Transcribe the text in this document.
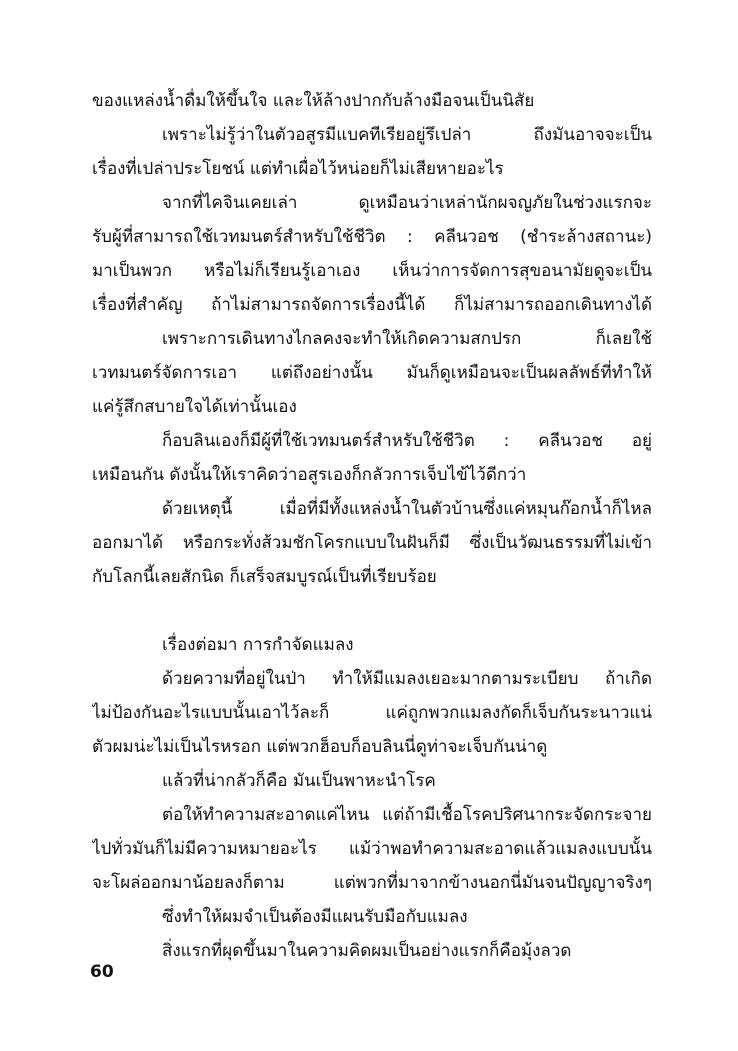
ของแหล่งน้ำดื่มให้ขึ้นใจ และให้ล้างปากกับล้างมือจนเป็นนิสัย
เพราะไม่รู้ว่าในตัวอสูรมีแบคทีเรียอยู่รึเปล่า ถึงมันอาจจะเป็น
เรื่องที่เปล่าประโยชน์ แต่ทำเผื่อไว้หน่อยก็ไม่เสียหายอะไร
จากที่ไคจินเคยเล่า ดูเหมือนว่าเหล่านักผจญภัยในช่วงแรกจะ
รับผู้ที่สามารถใช้เวทมนตร์สำหรับใช้ชีวิต : คลีนวอช (ชำระล้างสถานะ)
มาเป็นพวก หรือไม่ก็เรียนรู้เอาเอง เห็นว่าการจัดการสุขอนามัยดูจะเป็น
เรื่องที่สำคัญ ถ้าไม่สามารถจัดการเรื่องนี้ได้ ก็ไม่สามารถออกเดินทางได้
เพราะการเดินทางไกลคงจะทำให้เกิดความสกปรก ก็เลยใช้
เวทมนตร์จัดการเอา แต่ถึงอย่างนั้น มันก็ดูเหมือนจะเป็นผลลัพธ์ที่ทำให้
แค่รู้สึกสบายใจได้เท่านั้นเอง
ก็อบลินเองก็มีผู้ที่ใช้เวทมนตร์สำหรับใช้ชีวิต : คลีนวอช อยู่
เหมือนกัน ดังนั้นให้เราคิดว่าอสูรเองก็กลัวการเจ็บไข้ไว้ดีกว่า
ด้วยเหตุนี้ เมื่อที่มีทั้งแหล่งน้ำในตัวบ้านซึ่งแค่หมุนก๊อกน้ำก็ไหล
ออกมาได้ หรือกระทั่งส้วมชักโครกแบบในฝันก็มี ซึ่งเป็นวัฒนธรรมที่ไม่เข้า
กับโลกนี้เลยสักนิด ก็เสร็จสมบูรณ์เป็นที่เรียบร้อย
เรื่องต่อมา การกำจัดแมลง
ด้วยความที่อยู่ในป่า ทำให้มีแมลงเยอะมากตามระเบียบ ถ้าเกิด
ไม่ป้องกันอะไรแบบนั้นเอาไว้ละก็ แค่ถูกพวกแมลงกัดก็เจ็บกันระนาวแน่
ตัวผมน่ะไม่เป็นไรหรอก แต่พวกฮ็อบก็อบลินนี่ดูท่าจะเจ็บกันน่าดู
แล้วที่น่ากลัวก็คือ มันเป็นพาหะนำโรค
ต่อให้ทำความสะอาดแค่ไหน แต่ถ้ามีเชื้อโรคปริศนากระจัดกระจาย
ไปทั่วมันก็ไม่มีความหมายอะไร แม้ว่าพอทำความสะอาดแล้วแมลงแบบนั้น
จะโผล่ออกมาน้อยลงก็ตาม แต่พวกที่มาจากข้างนอกนี่มันจนปัญญาจริงๆ
ซึ่งทำให้ผมจำเป็นต้องมีแผนรับมือกับแมลง
สิ่งแรกที่ผุดขึ้นมาในความคิดผมเป็นอย่างแรกก็คือมุ้งลวด
60
